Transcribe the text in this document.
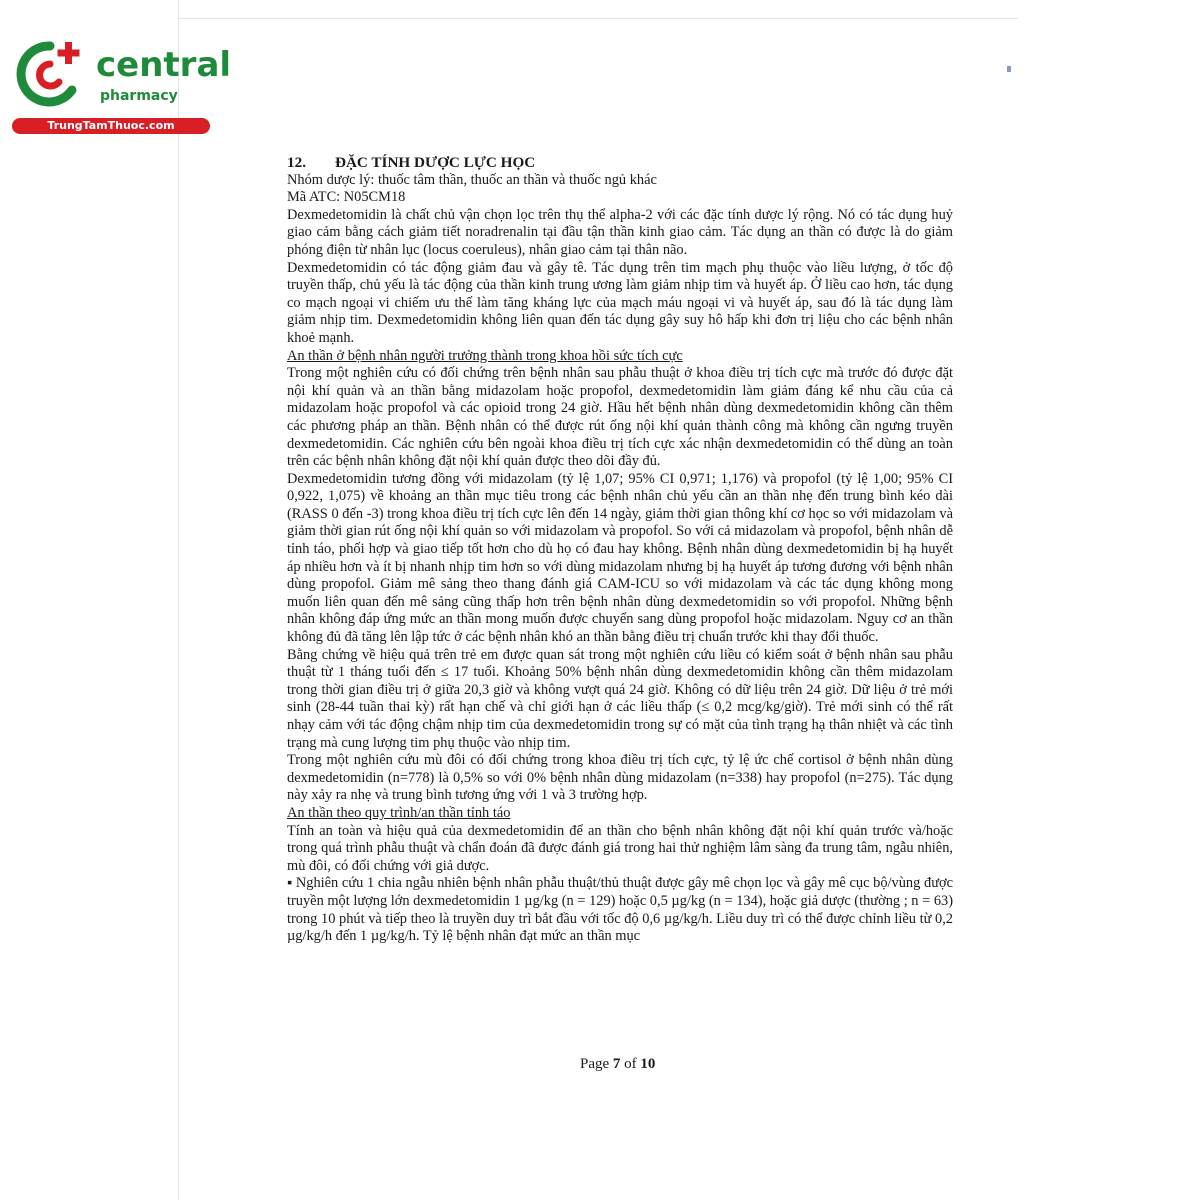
central
pharmacy
TrungTamThuoc.com

12. ĐẶC TÍNH DƯỢC LỰC HỌC

Nhóm dược lý: thuốc tâm thần, thuốc an thần và thuốc ngủ khác

Mã ATC: N05CM18

Dexmedetomidin là chất chủ vận chọn lọc trên thụ thể alpha-2 với các đặc tính dược lý rộng. Nó có tác dụng huỷ giao cảm bằng cách giảm tiết noradrenalin tại đầu tận thần kinh giao cảm. Tác dụng an thần có được là do giảm phóng điện từ nhân lục (locus coeruleus), nhân giao cảm tại thân não.

Dexmedetomidin có tác động giảm đau và gây tê. Tác dụng trên tim mạch phụ thuộc vào liều lượng, ở tốc độ truyền thấp, chủ yếu là tác động của thần kinh trung ương làm giảm nhịp tim và huyết áp. Ở liều cao hơn, tác dụng co mạch ngoại vi chiếm ưu thế làm tăng kháng lực của mạch máu ngoại vi và huyết áp, sau đó là tác dụng làm giảm nhịp tim. Dexmedetomidin không liên quan đến tác dụng gây suy hô hấp khi đơn trị liệu cho các bệnh nhân khoẻ mạnh.

An thần ở bệnh nhân người trưởng thành trong khoa hồi sức tích cực

Trong một nghiên cứu có đối chứng trên bệnh nhân sau phẫu thuật ở khoa điều trị tích cực mà trước đó được đặt nội khí quản và an thần bằng midazolam hoặc propofol, dexmedetomidin làm giảm đáng kể nhu cầu của cả midazolam hoặc propofol và các opioid trong 24 giờ. Hầu hết bệnh nhân dùng dexmedetomidin không cần thêm các phương pháp an thần. Bệnh nhân có thể được rút ống nội khí quản thành công mà không cần ngưng truyền dexmedetomidin. Các nghiên cứu bên ngoài khoa điều trị tích cực xác nhận dexmedetomidin có thể dùng an toàn trên các bệnh nhân không đặt nội khí quản được theo dõi đầy đủ.

Dexmedetomidin tương đồng với midazolam (tỷ lệ 1,07; 95% CI 0,971; 1,176) và propofol (tỷ lệ 1,00; 95% CI 0,922, 1,075) về khoảng an thần mục tiêu trong các bệnh nhân chủ yếu cần an thần nhẹ đến trung bình kéo dài (RASS 0 đến -3) trong khoa điều trị tích cực lên đến 14 ngày, giảm thời gian thông khí cơ học so với midazolam và giảm thời gian rút ống nội khí quản so với midazolam và propofol. So với cả midazolam và propofol, bệnh nhân dễ tỉnh táo, phối hợp và giao tiếp tốt hơn cho dù họ có đau hay không. Bệnh nhân dùng dexmedetomidin bị hạ huyết áp nhiều hơn và ít bị nhanh nhịp tim hơn so với dùng midazolam nhưng bị hạ huyết áp tương đương với bệnh nhân dùng propofol. Giảm mê sảng theo thang đánh giá CAM-ICU so với midazolam và các tác dụng không mong muốn liên quan đến mê sảng cũng thấp hơn trên bệnh nhân dùng dexmedetomidin so với propofol. Những bệnh nhân không đáp ứng mức an thần mong muốn được chuyển sang dùng propofol hoặc midazolam. Nguy cơ an thần không đủ đã tăng lên lập tức ở các bệnh nhân khó an thần bằng điều trị chuẩn trước khi thay đổi thuốc.

Bằng chứng về hiệu quả trên trẻ em được quan sát trong một nghiên cứu liều có kiểm soát ở bệnh nhân sau phẫu thuật từ 1 tháng tuổi đến ≤ 17 tuổi. Khoảng 50% bệnh nhân dùng dexmedetomidin không cần thêm midazolam trong thời gian điều trị ở giữa 20,3 giờ và không vượt quá 24 giờ. Không có dữ liệu trên 24 giờ. Dữ liệu ở trẻ mới sinh (28-44 tuần thai kỳ) rất hạn chế và chỉ giới hạn ở các liều thấp (≤ 0,2 mcg/kg/giờ). Trẻ mới sinh có thể rất nhạy cảm với tác động chậm nhịp tim của dexmedetomidin trong sự có mặt của tình trạng hạ thân nhiệt và các tình trạng mà cung lượng tim phụ thuộc vào nhịp tim.

Trong một nghiên cứu mù đôi có đối chứng trong khoa điều trị tích cực, tỷ lệ ức chế cortisol ở bệnh nhân dùng dexmedetomidin (n=778) là 0,5% so với 0% bệnh nhân dùng midazolam (n=338) hay propofol (n=275). Tác dụng này xảy ra nhẹ và trung bình tương ứng với 1 và 3 trường hợp.

An thần theo quy trình/an thần tỉnh táo

Tính an toàn và hiệu quả của dexmedetomidin để an thần cho bệnh nhân không đặt nội khí quản trước và/hoặc trong quá trình phẫu thuật và chẩn đoán đã được đánh giá trong hai thử nghiệm lâm sàng đa trung tâm, ngẫu nhiên, mù đôi, có đối chứng với giả dược.

▪ Nghiên cứu 1 chia ngẫu nhiên bệnh nhân phẫu thuật/thủ thuật được gây mê chọn lọc và gây mê cục bộ/vùng được truyền một lượng lớn dexmedetomidin 1 µg/kg (n = 129) hoặc 0,5 µg/kg (n = 134), hoặc giả dược (thường ; n = 63) trong 10 phút và tiếp theo là truyền duy trì bắt đầu với tốc độ 0,6 µg/kg/h. Liều duy trì có thể được chỉnh liều từ 0,2 µg/kg/h đến 1 µg/kg/h. Tỷ lệ bệnh nhân đạt mức an thần mục

Page 7 of 10
